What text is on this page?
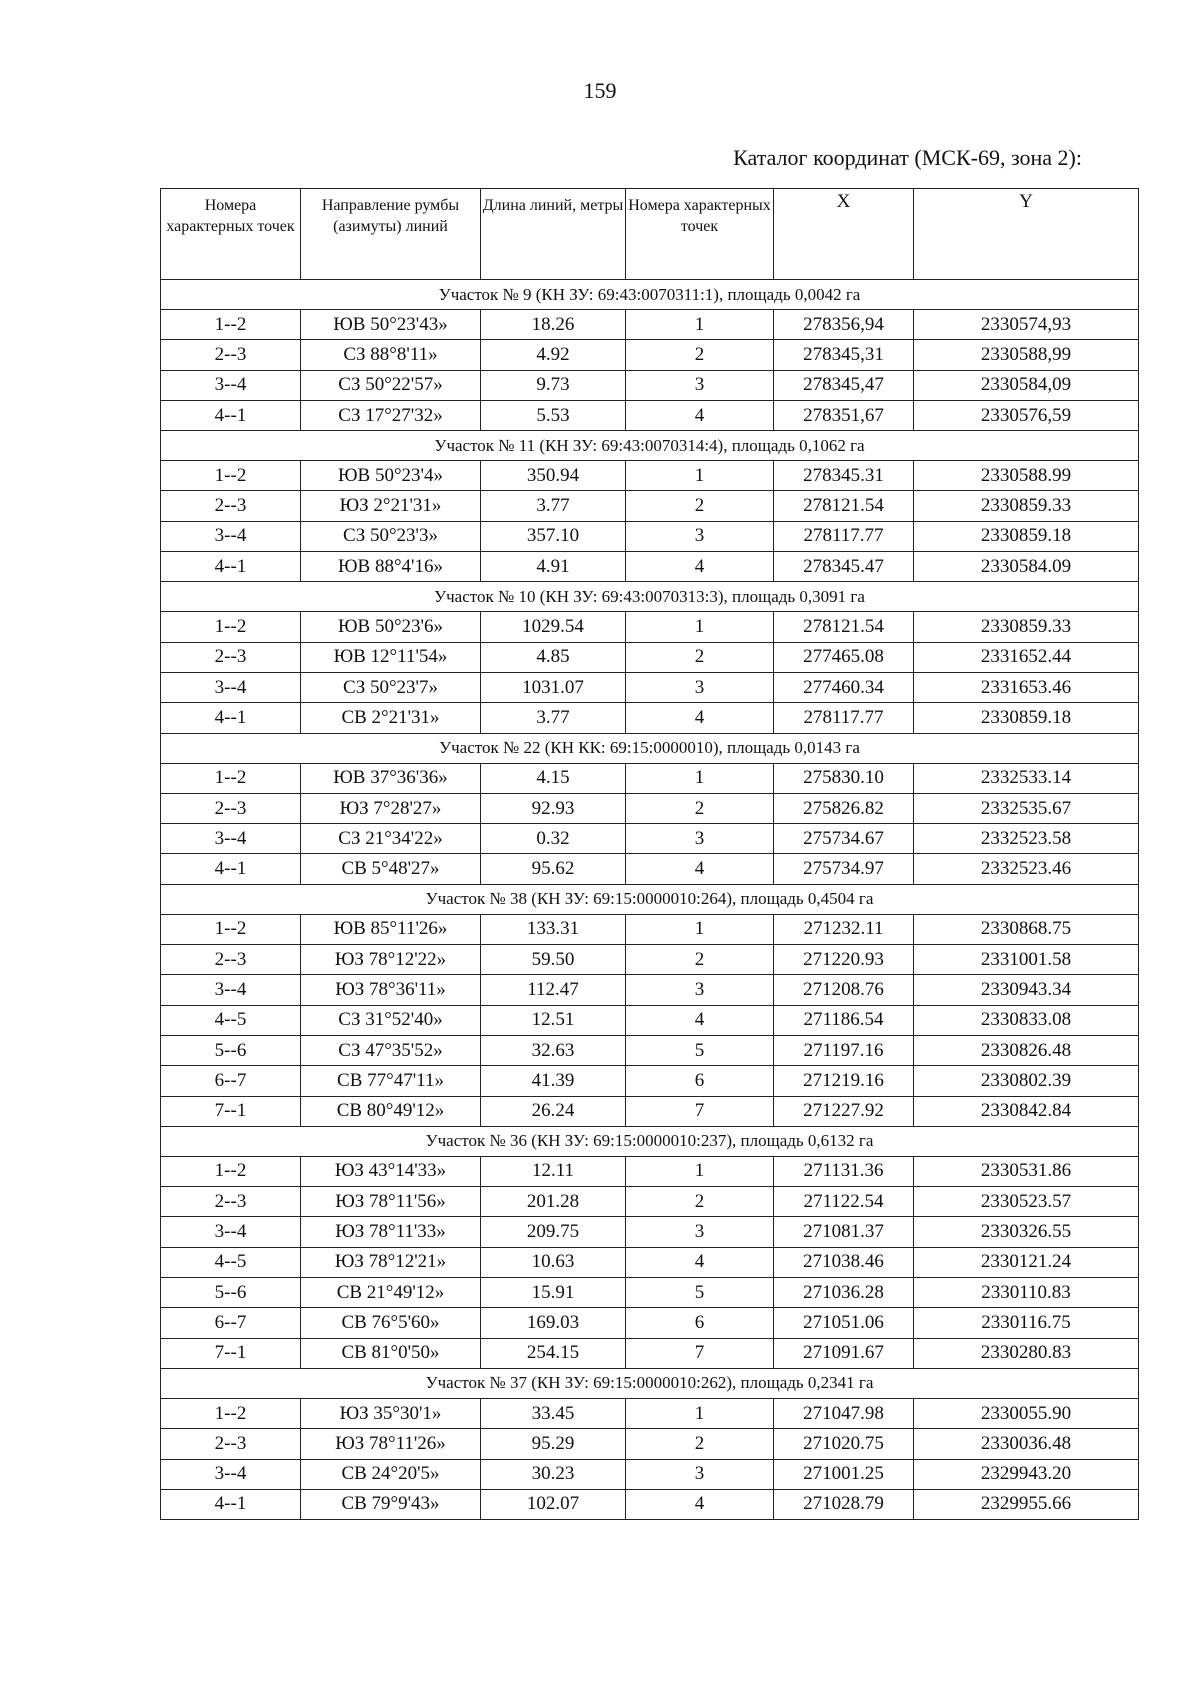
159
Каталог координат (МСК-69, зона 2):
Номера характерных точек	Направление румбы (азимуты) линий	Длина линий, метры	Номера характерных точек	X	Y
Участок № 9 (КН ЗУ: 69:43:0070311:1), площадь 0,0042 га					
1--2	ЮВ 50°23'43»	18.26	1	278356,94	2330574,93
2--3	СЗ 88°8'11»	4.92	2	278345,31	2330588,99
3--4	СЗ 50°22'57»	9.73	3	278345,47	2330584,09
4--1	СЗ 17°27'32»	5.53	4	278351,67	2330576,59
Участок № 11 (КН ЗУ: 69:43:0070314:4), площадь 0,1062 га					
1--2	ЮВ 50°23'4»	350.94	1	278345.31	2330588.99
2--3	ЮЗ 2°21'31»	3.77	2	278121.54	2330859.33
3--4	СЗ 50°23'3»	357.10	3	278117.77	2330859.18
4--1	ЮВ 88°4'16»	4.91	4	278345.47	2330584.09
Участок № 10 (КН ЗУ: 69:43:0070313:3), площадь 0,3091 га					
1--2	ЮВ 50°23'6»	1029.54	1	278121.54	2330859.33
2--3	ЮВ 12°11'54»	4.85	2	277465.08	2331652.44
3--4	СЗ 50°23'7»	1031.07	3	277460.34	2331653.46
4--1	СВ 2°21'31»	3.77	4	278117.77	2330859.18
Участок № 22 (КН КК: 69:15:0000010), площадь 0,0143 га					
1--2	ЮВ 37°36'36»	4.15	1	275830.10	2332533.14
2--3	ЮЗ 7°28'27»	92.93	2	275826.82	2332535.67
3--4	СЗ 21°34'22»	0.32	3	275734.67	2332523.58
4--1	СВ 5°48'27»	95.62	4	275734.97	2332523.46
Участок № 38 (КН ЗУ: 69:15:0000010:264), площадь 0,4504 га					
1--2	ЮВ 85°11'26»	133.31	1	271232.11	2330868.75
2--3	ЮЗ 78°12'22»	59.50	2	271220.93	2331001.58
3--4	ЮЗ 78°36'11»	112.47	3	271208.76	2330943.34
4--5	СЗ 31°52'40»	12.51	4	271186.54	2330833.08
5--6	СЗ 47°35'52»	32.63	5	271197.16	2330826.48
6--7	СВ 77°47'11»	41.39	6	271219.16	2330802.39
7--1	СВ 80°49'12»	26.24	7	271227.92	2330842.84
Участок № 36 (КН ЗУ: 69:15:0000010:237), площадь 0,6132 га					
1--2	ЮЗ 43°14'33»	12.11	1	271131.36	2330531.86
2--3	ЮЗ 78°11'56»	201.28	2	271122.54	2330523.57
3--4	ЮЗ 78°11'33»	209.75	3	271081.37	2330326.55
4--5	ЮЗ 78°12'21»	10.63	4	271038.46	2330121.24
5--6	СВ 21°49'12»	15.91	5	271036.28	2330110.83
6--7	СВ 76°5'60»	169.03	6	271051.06	2330116.75
7--1	СВ 81°0'50»	254.15	7	271091.67	2330280.83
Участок № 37 (КН ЗУ: 69:15:0000010:262), площадь 0,2341 га					
1--2	ЮЗ 35°30'1»	33.45	1	271047.98	2330055.90
2--3	ЮЗ 78°11'26»	95.29	2	271020.75	2330036.48
3--4	СВ 24°20'5»	30.23	3	271001.25	2329943.20
4--1	СВ 79°9'43»	102.07	4	271028.79	2329955.66
